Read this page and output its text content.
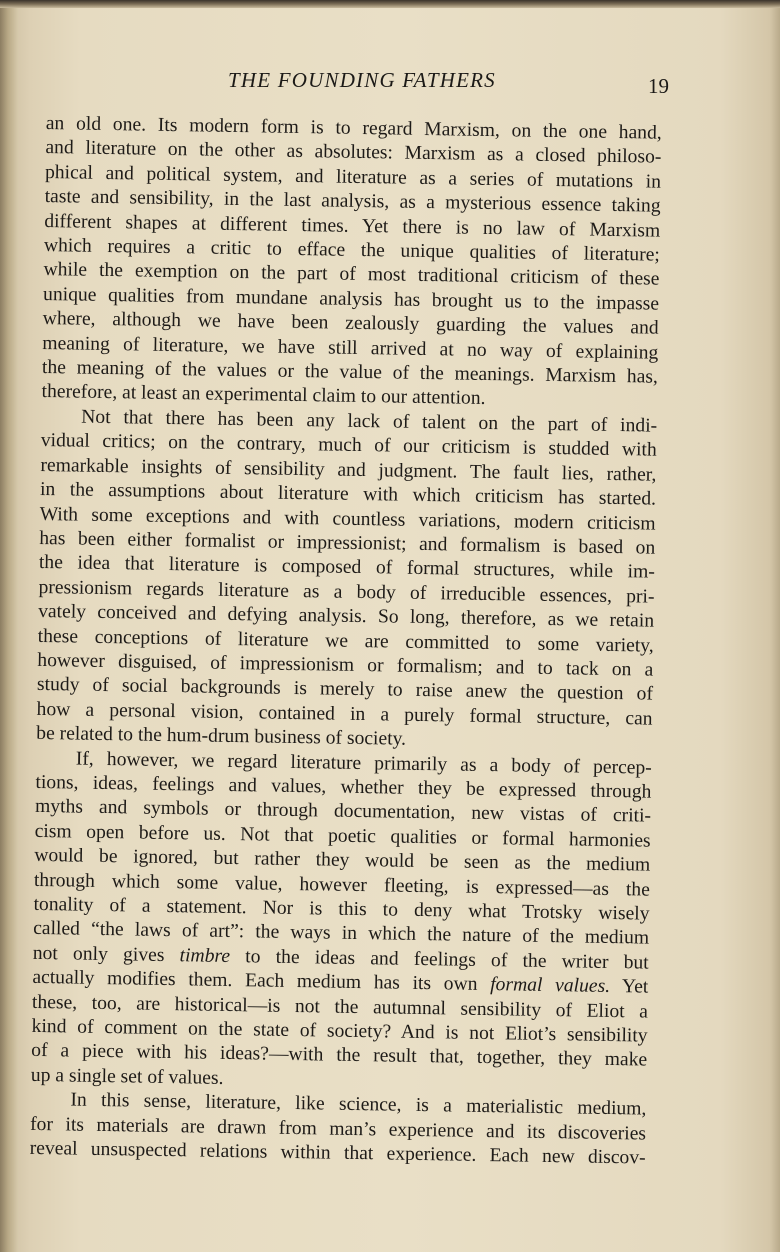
THE FOUNDING FATHERS	19
an old one. Its modern form is to regard Marxism, on the one hand,
and literature on the other as absolutes: Marxism as a closed philoso-
phical and political system, and literature as a series of mutations in
taste and sensibility, in the last analysis, as a mysterious essence taking
different shapes at different times. Yet there is no law of Marxism
which requires a critic to efface the unique qualities of literature;
while the exemption on the part of most traditional criticism of these
unique qualities from mundane analysis has brought us to the impasse
where, although we have been zealously guarding the values and
meaning of literature, we have still arrived at no way of explaining
the meaning of the values or the value of the meanings. Marxism has,
therefore, at least an experimental claim to our attention.
Not that there has been any lack of talent on the part of indi-
vidual critics; on the contrary, much of our criticism is studded with
remarkable insights of sensibility and judgment. The fault lies, rather,
in the assumptions about literature with which criticism has started.
With some exceptions and with countless variations, modern criticism
has been either formalist or impressionist; and formalism is based on
the idea that literature is composed of formal structures, while im-
pressionism regards literature as a body of irreducible essences, pri-
vately conceived and defying analysis. So long, therefore, as we retain
these conceptions of literature we are committed to some variety,
however disguised, of impressionism or formalism; and to tack on a
study of social backgrounds is merely to raise anew the question of
how a personal vision, contained in a purely formal structure, can
be related to the hum-drum business of society.
If, however, we regard literature primarily as a body of percep-
tions, ideas, feelings and values, whether they be expressed through
myths and symbols or through documentation, new vistas of criti-
cism open before us. Not that poetic qualities or formal harmonies
would be ignored, but rather they would be seen as the medium
through which some value, however fleeting, is expressed—as the
tonality of a statement. Nor is this to deny what Trotsky wisely
called “the laws of art”: the ways in which the nature of the medium
not only gives timbre to the ideas and feelings of the writer but
actually modifies them. Each medium has its own formal values. Yet
these, too, are historical—is not the autumnal sensibility of Eliot a
kind of comment on the state of society? And is not Eliot’s sensibility
of a piece with his ideas?—with the result that, together, they make
up a single set of values.
In this sense, literature, like science, is a materialistic medium,
for its materials are drawn from man’s experience and its discoveries
reveal unsuspected relations within that experience. Each new discov-
